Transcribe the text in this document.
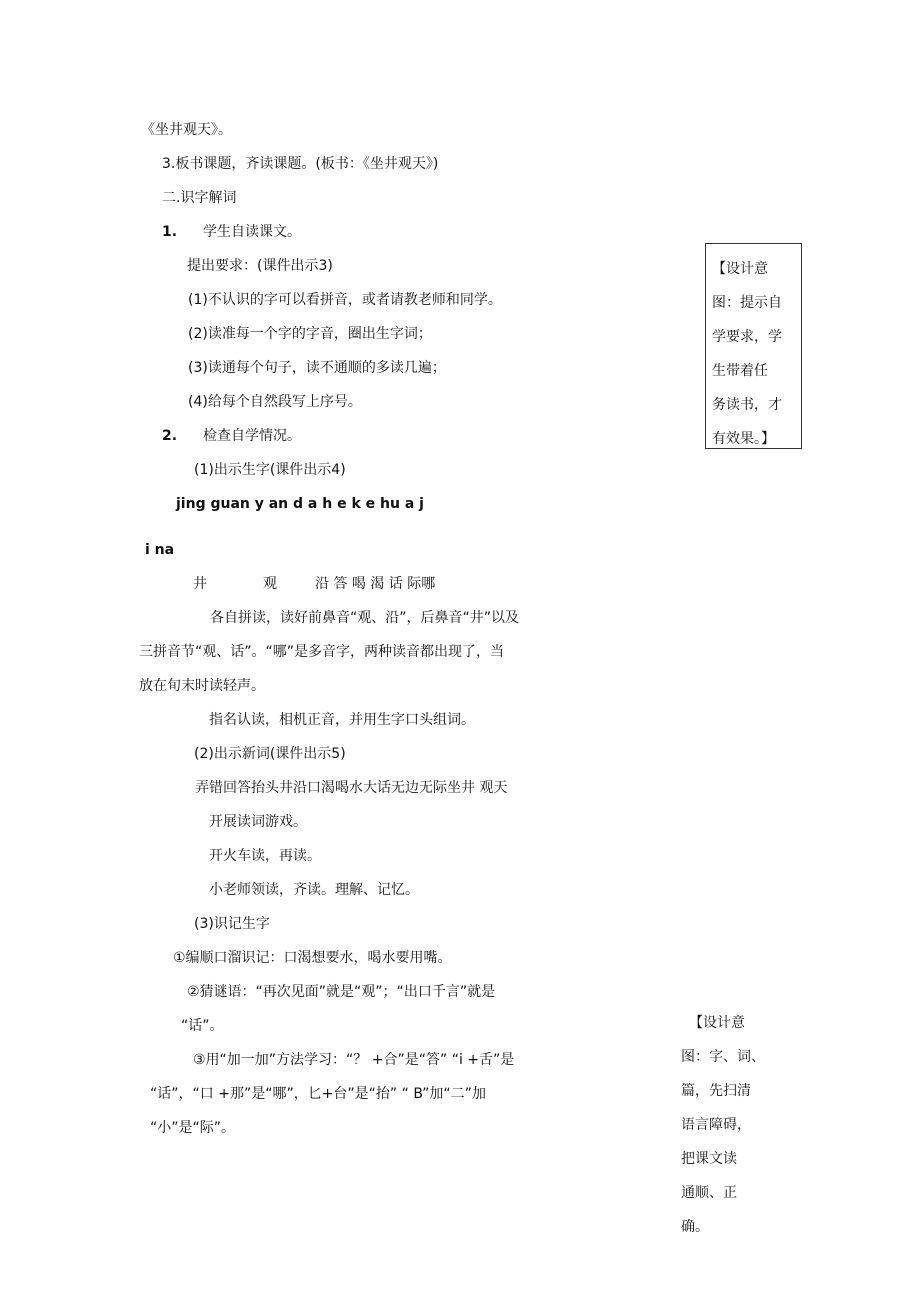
《坐井观天》。
3.板书课题，齐读课题。(板书：《坐井观天》)
二.识字解词
1. 学生自读课文。
提出要求：(课件出示3)
(1)不认识的字可以看拼音，或者请教老师和同学。
(2)读准每一个字的字音，圈出生字词；
(3)读通每个句子，读不通顺的多读几遍；
(4)给每个自然段写上序号。
2. 检查自学情况。
(1)出示生字(课件出示4)
jing guan y an d a h e k e hu a j
i na
井	观	沿 答 喝 渴 话 际哪
各自拼读，读好前鼻音“观、沿”，后鼻音“井”以及
三拼音节“观、话”。“哪”是多音字，两种读音都出现了，当
放在旬末时读轻声。
指名认读，相机正音，并用生字口头组词。
(2)出示新词(课件出示5)
弄错回答抬头井沿口渴喝水大话无边无际坐井 观天
开展读词游戏。
开火车读，再读。
小老师领读，齐读。理解、记忆。
(3)识记生字
①编顺口溜识记：口渴想要水，喝水要用嘴。
②猜谜语：“再次见面”就是“观”；“出口千言”就是
“话”。
③用“加一加”方法学习：“？ +合”是“答” “i +舌”是
“话”，“口 +那”是“哪”，匕+台”是“抬” “ B”加“二”加
“小”是“际”。
【设计意
图：提示自
学要求，学
生带着任
务读书，才
有效果。】
【设计意
图：字、词、
篇，先扫清
语言障碍，
把课文读
通顺、正
确。
